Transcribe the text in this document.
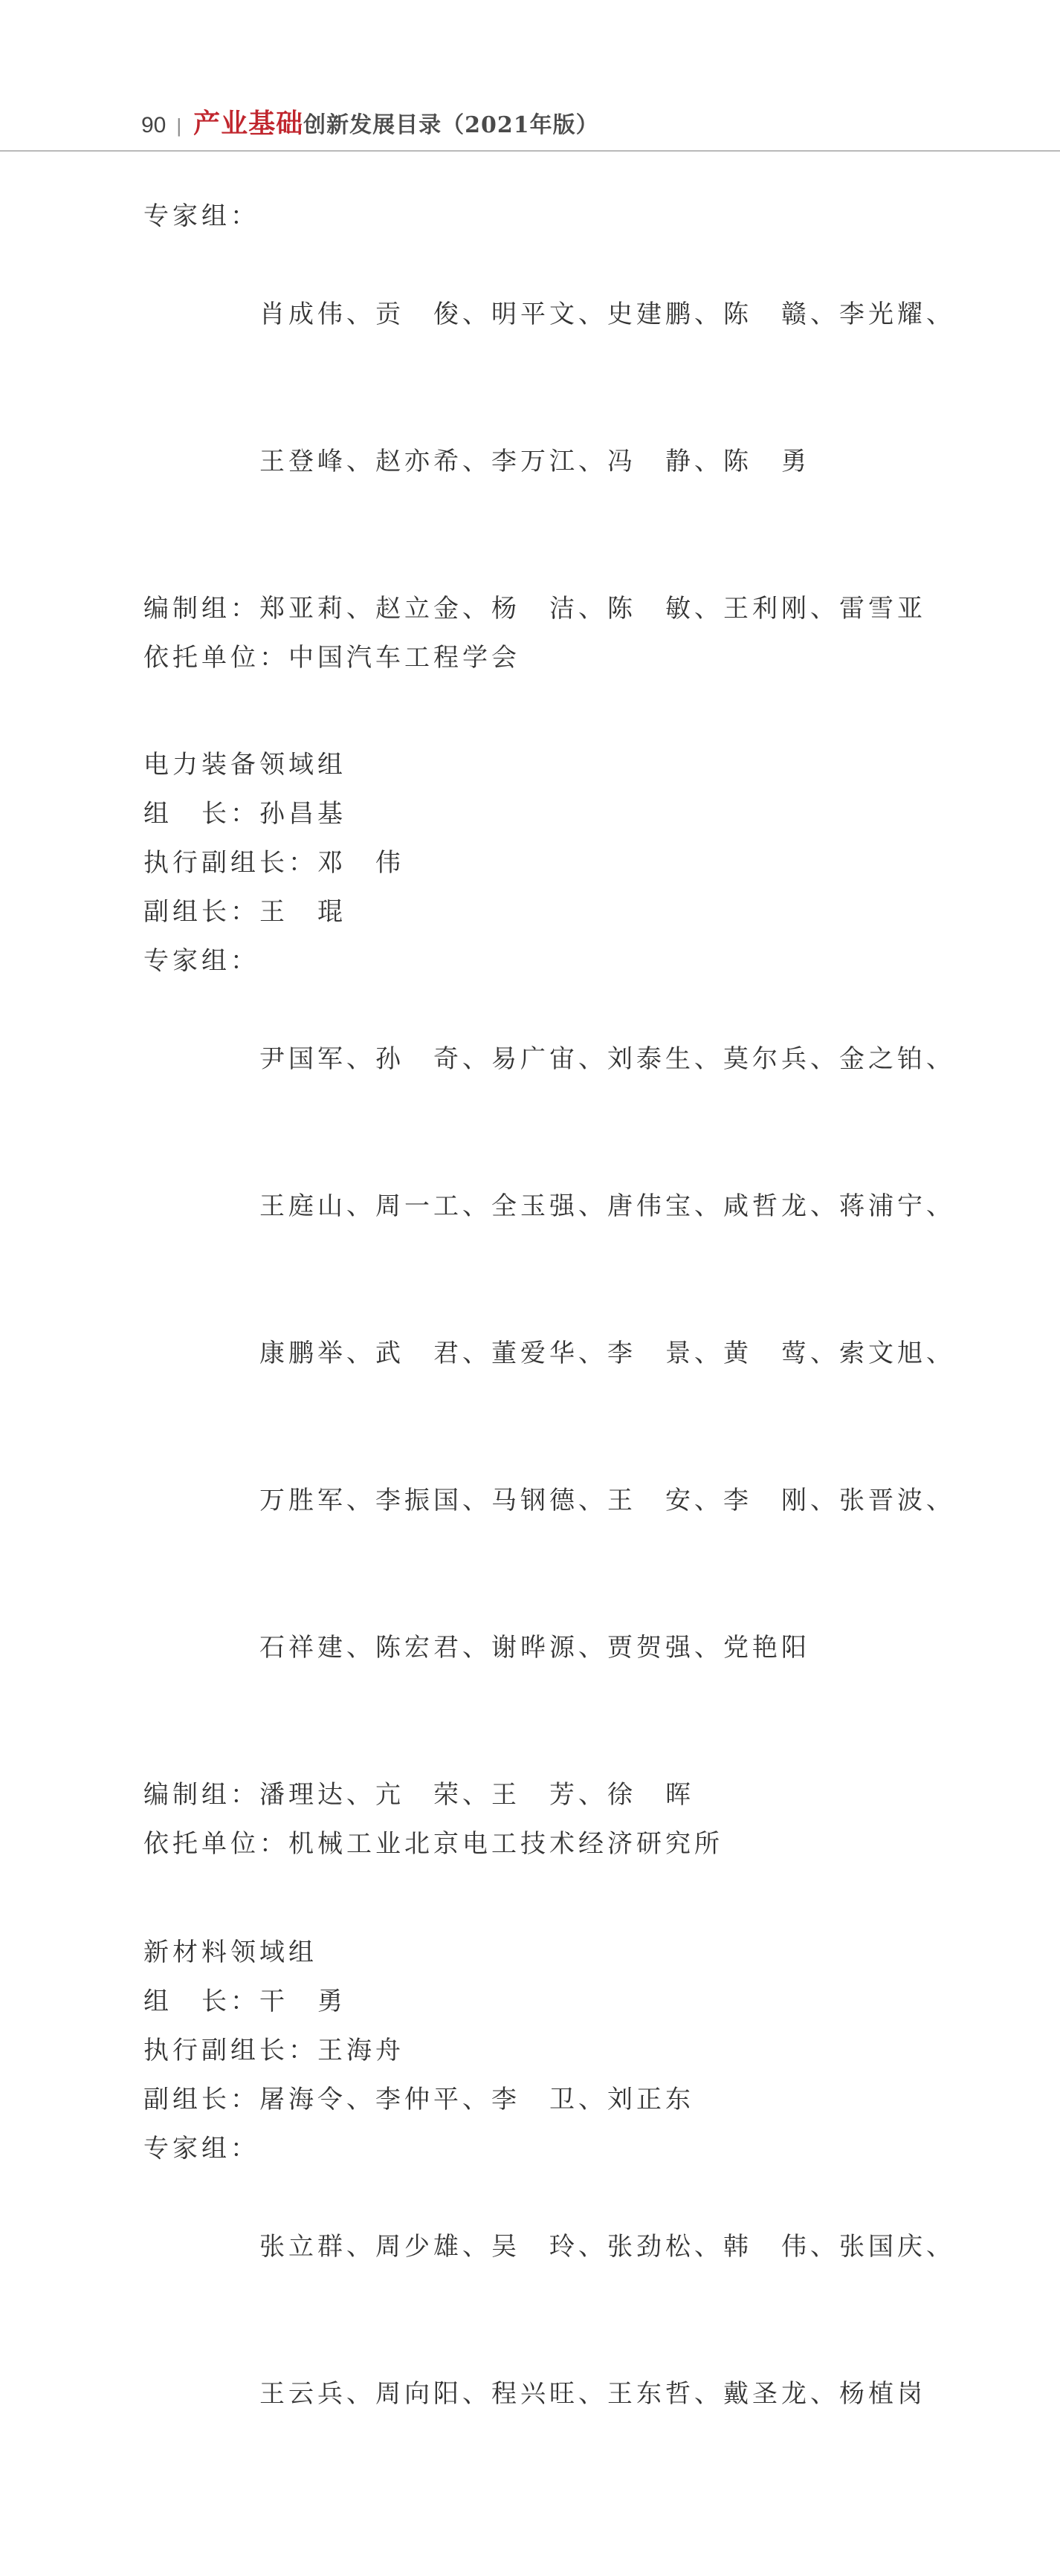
90 | 产业基础 创新发展目录（2021年版）
专家组：

肖成伟、贡　俊、明平文、史建鹏、陈　赣、李光耀、

王登峰、赵亦希、李万江、冯　静、陈　勇

编制组： 郑亚莉、赵立金、杨　洁、陈　敏、王利刚、雷雪亚
依托单位： 中国汽车工程学会
电力装备领域组
组　长： 孙昌基
执行副组长： 邓　伟
副组长： 王　琨
专家组：

尹国军、孙　奇、易广宙、刘泰生、莫尔兵、金之铂、

王庭山、周一工、全玉强、唐伟宝、咸哲龙、蒋浦宁、

康鹏举、武　君、董爱华、李　景、黄　莺、索文旭、

万胜军、李振国、马钢德、王　安、李　刚、张晋波、

石祥建、陈宏君、谢晔源、贾贺强、党艳阳

编制组： 潘理达、亢　荣、王　芳、徐　晖
依托单位： 机械工业北京电工技术经济研究所
新材料领域组
组　长： 干　勇
执行副组长： 王海舟
副组长： 屠海令、李仲平、李　卫、刘正东
专家组：

张立群、周少雄、吴　玲、张劲松、韩　伟、张国庆、

王云兵、周向阳、程兴旺、王东哲、戴圣龙、杨植岗
